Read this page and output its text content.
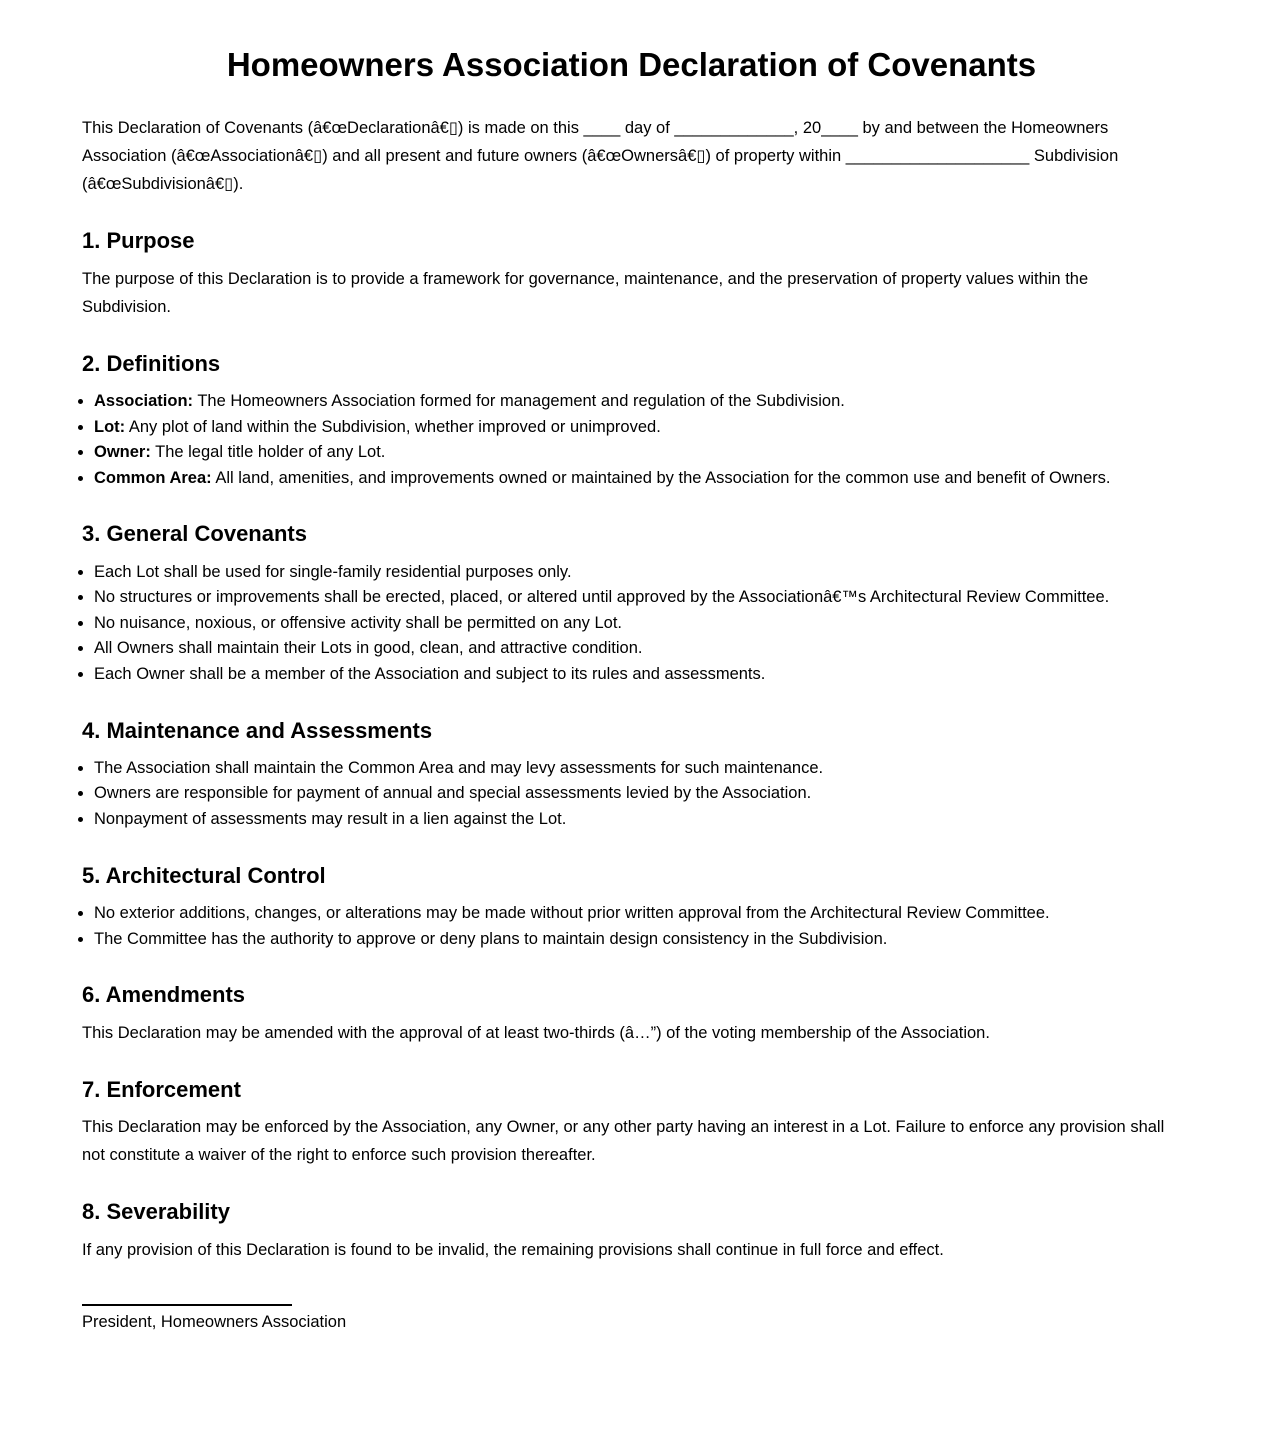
Homeowners Association Declaration of Covenants

This Declaration of Covenants (â€œDeclarationâ€▯) is made on this ____ day of _____________, 20____ by and between the Homeowners Association (â€œAssociationâ€▯) and all present and future owners (â€œOwnersâ€▯) of property within ____________________ Subdivision (â€œSubdivisionâ€▯).

1. Purpose

The purpose of this Declaration is to provide a framework for governance, maintenance, and the preservation of property values within the Subdivision.

2. Definitions
• Association: The Homeowners Association formed for management and regulation of the Subdivision.
• Lot: Any plot of land within the Subdivision, whether improved or unimproved.
• Owner: The legal title holder of any Lot.
• Common Area: All land, amenities, and improvements owned or maintained by the Association for the common use and benefit of Owners.
3. General Covenants
• Each Lot shall be used for single-family residential purposes only.
• No structures or improvements shall be erected, placed, or altered until approved by the Associationâ€™s Architectural Review Committee.
• No nuisance, noxious, or offensive activity shall be permitted on any Lot.
• All Owners shall maintain their Lots in good, clean, and attractive condition.
• Each Owner shall be a member of the Association and subject to its rules and assessments.
4. Maintenance and Assessments
• The Association shall maintain the Common Area and may levy assessments for such maintenance.
• Owners are responsible for payment of annual and special assessments levied by the Association.
• Nonpayment of assessments may result in a lien against the Lot.
5. Architectural Control
• No exterior additions, changes, or alterations may be made without prior written approval from the Architectural Review Committee.
• The Committee has the authority to approve or deny plans to maintain design consistency in the Subdivision.
6. Amendments

This Declaration may be amended with the approval of at least two-thirds (â…”) of the voting membership of the Association.

7. Enforcement

This Declaration may be enforced by the Association, any Owner, or any other party having an interest in a Lot. Failure to enforce any provision shall not constitute a waiver of the right to enforce such provision thereafter.

8. Severability

If any provision of this Declaration is found to be invalid, the remaining provisions shall continue in full force and effect.

President, Homeowners Association
